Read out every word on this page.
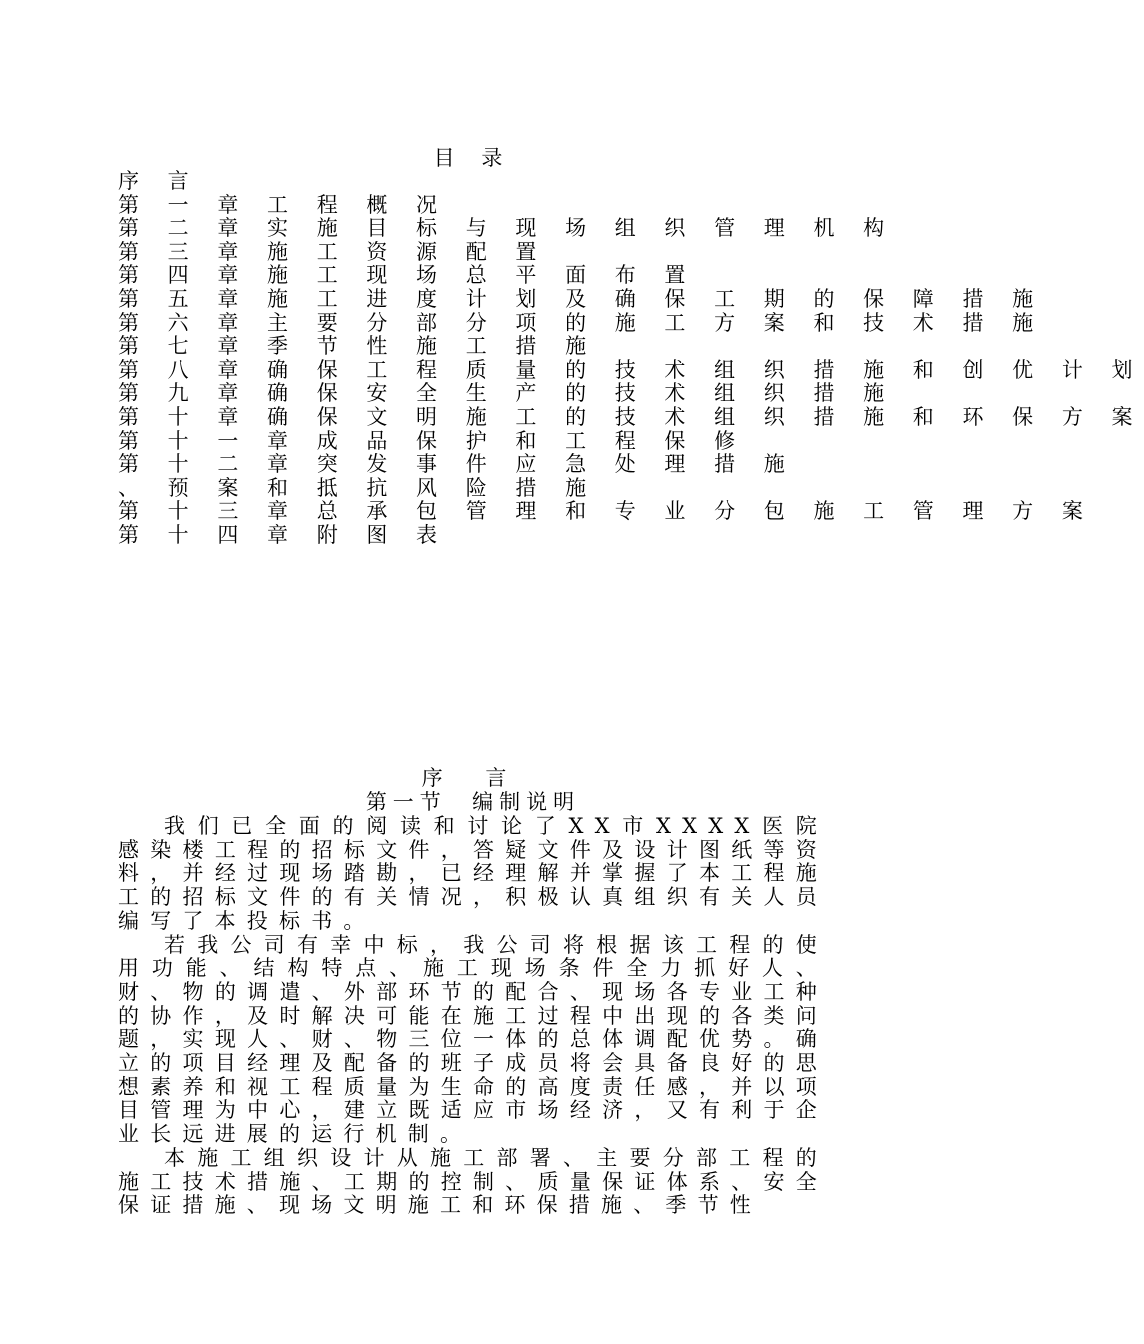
目 录
序 言
第 一 章 工 程 概 况
第 二 章 实 施 目 标 与 现 场 组 织 管 理 机 构
第 三 章 施 工 资 源 配 置
第 四 章 施 工 现 场 总 平 面 布 置
第 五 章 施 工 进 度 计 划 及 确 保 工 期 的 保 障 措 施
第 六 章 主 要 分 部 分 项 的 施 工 方 案 和 技 术 措 施
第 七 章 季 节 性 施 工 措 施
第 八 章 确 保 工 程 质 量 的 技 术 组 织 措 施 和 创 优 计 划
第 九 章 确 保 安 全 生 产 的 技 术 组 织 措 施
第 十 章 确 保 文 明 施 工 的 技 术 组 织 措 施 和 环 保 方 案
第 十 一 章 成 品 保 护 和 工 程 保 修
第 十 二 章 突 发 事 件 应 急 处 理 措 施 、 预 案 和 抵 抗 风 险 措 施
第 十 三 章 总 承 包 管 理 和 专 业 分 包 施 工 管 理 方 案
第 十 四 章 附 图 表
序 言
第一节  编制说明

我们已全面的阅读和讨论了XX市XXXX医院感染楼工程的招标文件，答疑文件及设计图纸等资料，并经过现场踏勘，已经理解并掌握了本工程施工的招标文件的有关情况，积极认真组织有关人员编写了本投标书。

若我公司有幸中标，我公司将根据该工程的使用功能、结构特点、施工现场条件全力抓好人、财、物的调遣、外部环节的配合、现场各专业工种的协作，及时解决可能在施工过程中出现的各类问题，实现人、财、物三位一体的总体调配优势。确立的项目经理及配备的班子成员将会具备良好的思想素养和视工程质量为生命的高度责任感，并以项目管理为中心，建立既适应市场经济，又有利于企业长远进展的运行机制。

本施工组织设计从施工部署、主要分部工程的施工技术措施、工期的控制、质量保证体系、安全保证措施、现场文明施工和环保措施、季节性
